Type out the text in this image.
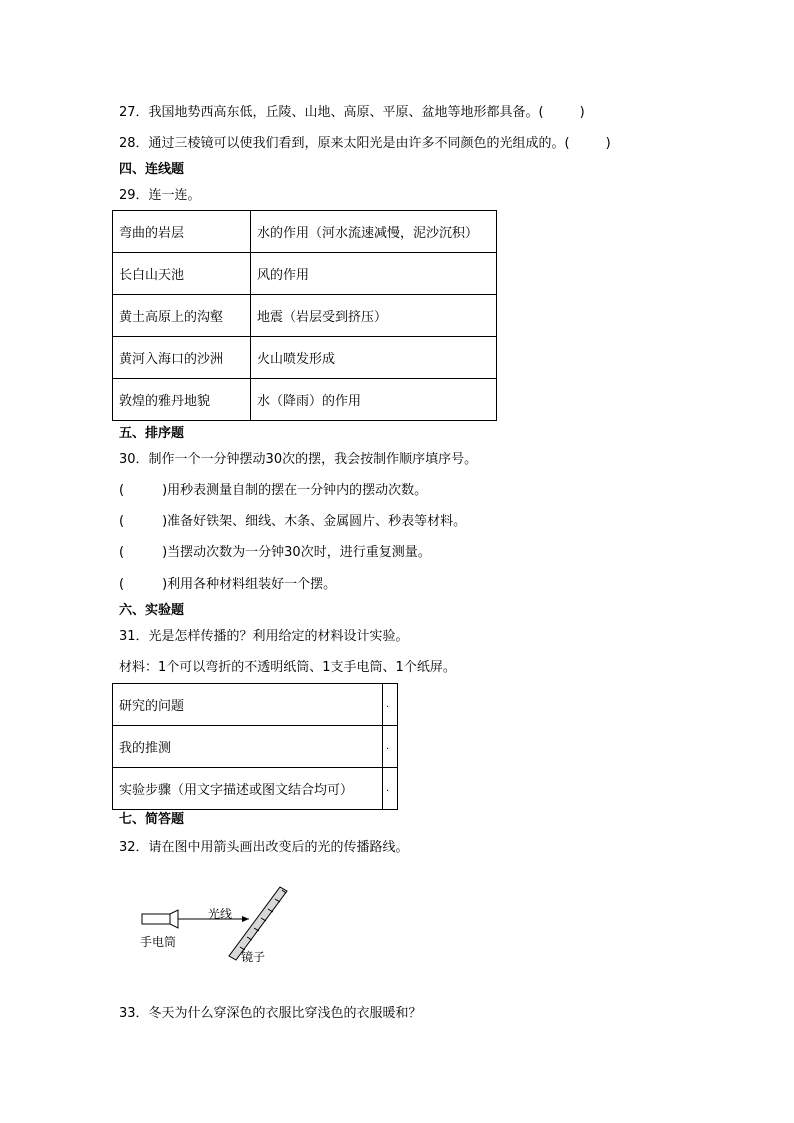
27．我国地势西高东低，丘陵、山地、高原、平原、盆地等地形都具备。(	)
28．通过三棱镜可以使我们看到，原来太阳光是由许多不同颜色的光组成的。(	)
四、连线题
29．连一连。
弯曲的岩层	水的作用（河水流速减慢，泥沙沉积）
长白山天池	风的作用
黄土高原上的沟壑	地震（岩层受到挤压）
黄河入海口的沙洲	火山喷发形成
敦煌的雅丹地貌	水（降雨）的作用
五、排序题
30．制作一个一分钟摆动30次的摆，我会按制作顺序填序号。
(	)用秒表测量自制的摆在一分钟内的摆动次数。
(	)准备好铁架、细线、木条、金属圆片、秒表等材料。
(	)当摆动次数为一分钟30次时，进行重复测量。
(	)利用各种材料组装好一个摆。
六、实验题
31．光是怎样传播的？利用给定的材料设计实验。
材料：1个可以弯折的不透明纸筒、1支手电筒、1个纸屏。
研究的问题	.
我的推测	.
实验步骤（用文字描述或图文结合均可）	.
七、简答题
32．请在图中用箭头画出改变后的光的传播路线。
光线
手电筒
镜子
33．冬天为什么穿深色的衣服比穿浅色的衣服暖和？
